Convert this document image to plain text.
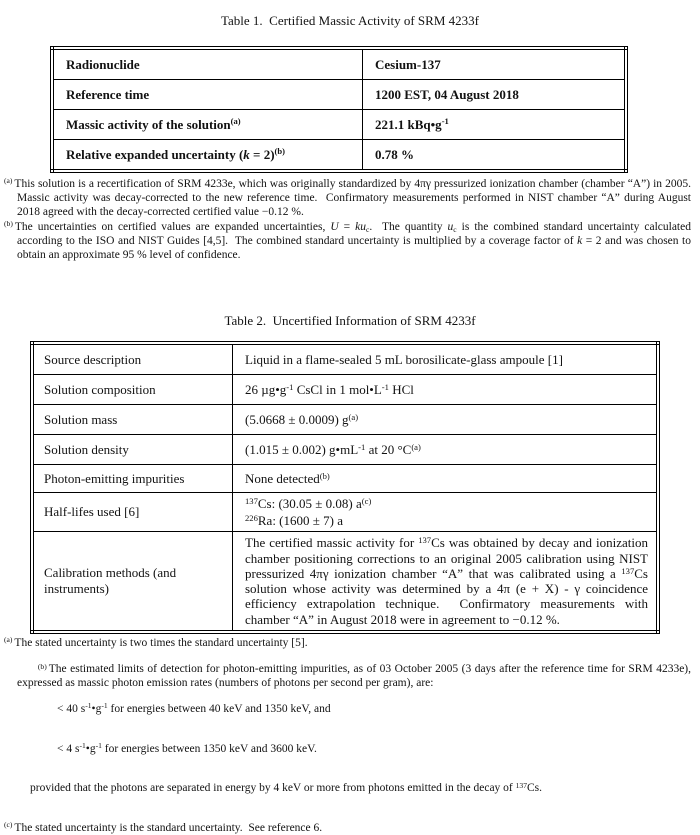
Table 1.  Certified Massic Activity of SRM 4233f
Radionuclide	Cesium-137
Reference time	1200 EST, 04 August 2018
Massic activity of the solution$^{(a)}$	221.1 $kBq•g^{-1}$
Relative expanded uncertainty (k = 2)$^{(b)}$	0.78 %
$^{(a)}$ This solution is a recertification of SRM 4233e, which was originally standardized by 4πγ pressurized ionization chamber (chamber “A”) in 2005.  Massic activity was decay-corrected to the new reference time.  Confirmatory measurements performed in NIST chamber “A” during August 2018 agreed with the decay-corrected certified value −0.12 %.
$^{(b)}$ The uncertainties on certified values are expanded uncertainties, U = kuc.  The quantity uc is the combined standard uncertainty calculated according to the ISO and NIST Guides [4,5].  The combined standard uncertainty is multiplied by a coverage factor of k = 2 and was chosen to obtain an approximate 95 % level of confidence.
Table 2.  Uncertified Information of SRM 4233f
Source description	Liquid in a flame-sealed 5 mL borosilicate-glass ampoule [1]
Solution composition	26 $\mu g•g^{-1}$ CsCl in 1 $mol•L^{-1}$ HCl
Solution mass	(5.0668 ± 0.0009) $g^{(a)}$
Solution density	(1.015 ± 0.002) $g•mL^{-1}$ at 20 $^\circ C^{(a)}$
Photon-emitting impurities	None detected$^{(b)}$
Half-lifes used [6]	$^{137}$Cs: (30.05 ± 0.08) $a^{(c)}$
$^{226}$Ra: (1600 ± 7) a

Calibration methods (and instruments)	The certified massic activity for $^{137}$Cs was obtained by decay and ionization chamber positioning corrections to an original 2005 calibration using NIST pressurized 4πγ ionization chamber “A” that was calibrated using a $^{137}$Cs solution whose activity was determined by a 4π (e + X) - γ coincidence efficiency extrapolation technique.  Confirmatory measurements with chamber “A” in August 2018 were in agreement to −0.12 %.
$^{(a)}$ The stated uncertainty is two times the standard uncertainty [5].

$^{(b)}$ The estimated limits of detection for photon-emitting impurities, as of 03 October 2005 (3 days after the reference time for SRM 4233e), expressed as massic photon emission rates (numbers of photons per second per gram), are:

< 40 $s^{-1}•g^{-1}$ for energies between 40 keV and 1350 keV, and

< 4 $s^{-1}•g^{-1}$ for energies between 1350 keV and 3600 keV.

provided that the photons are separated in energy by 4 keV or more from photons emitted in the decay of $^{137}$Cs.

$^{(c)}$ The stated uncertainty is the standard uncertainty.  See reference 6.
